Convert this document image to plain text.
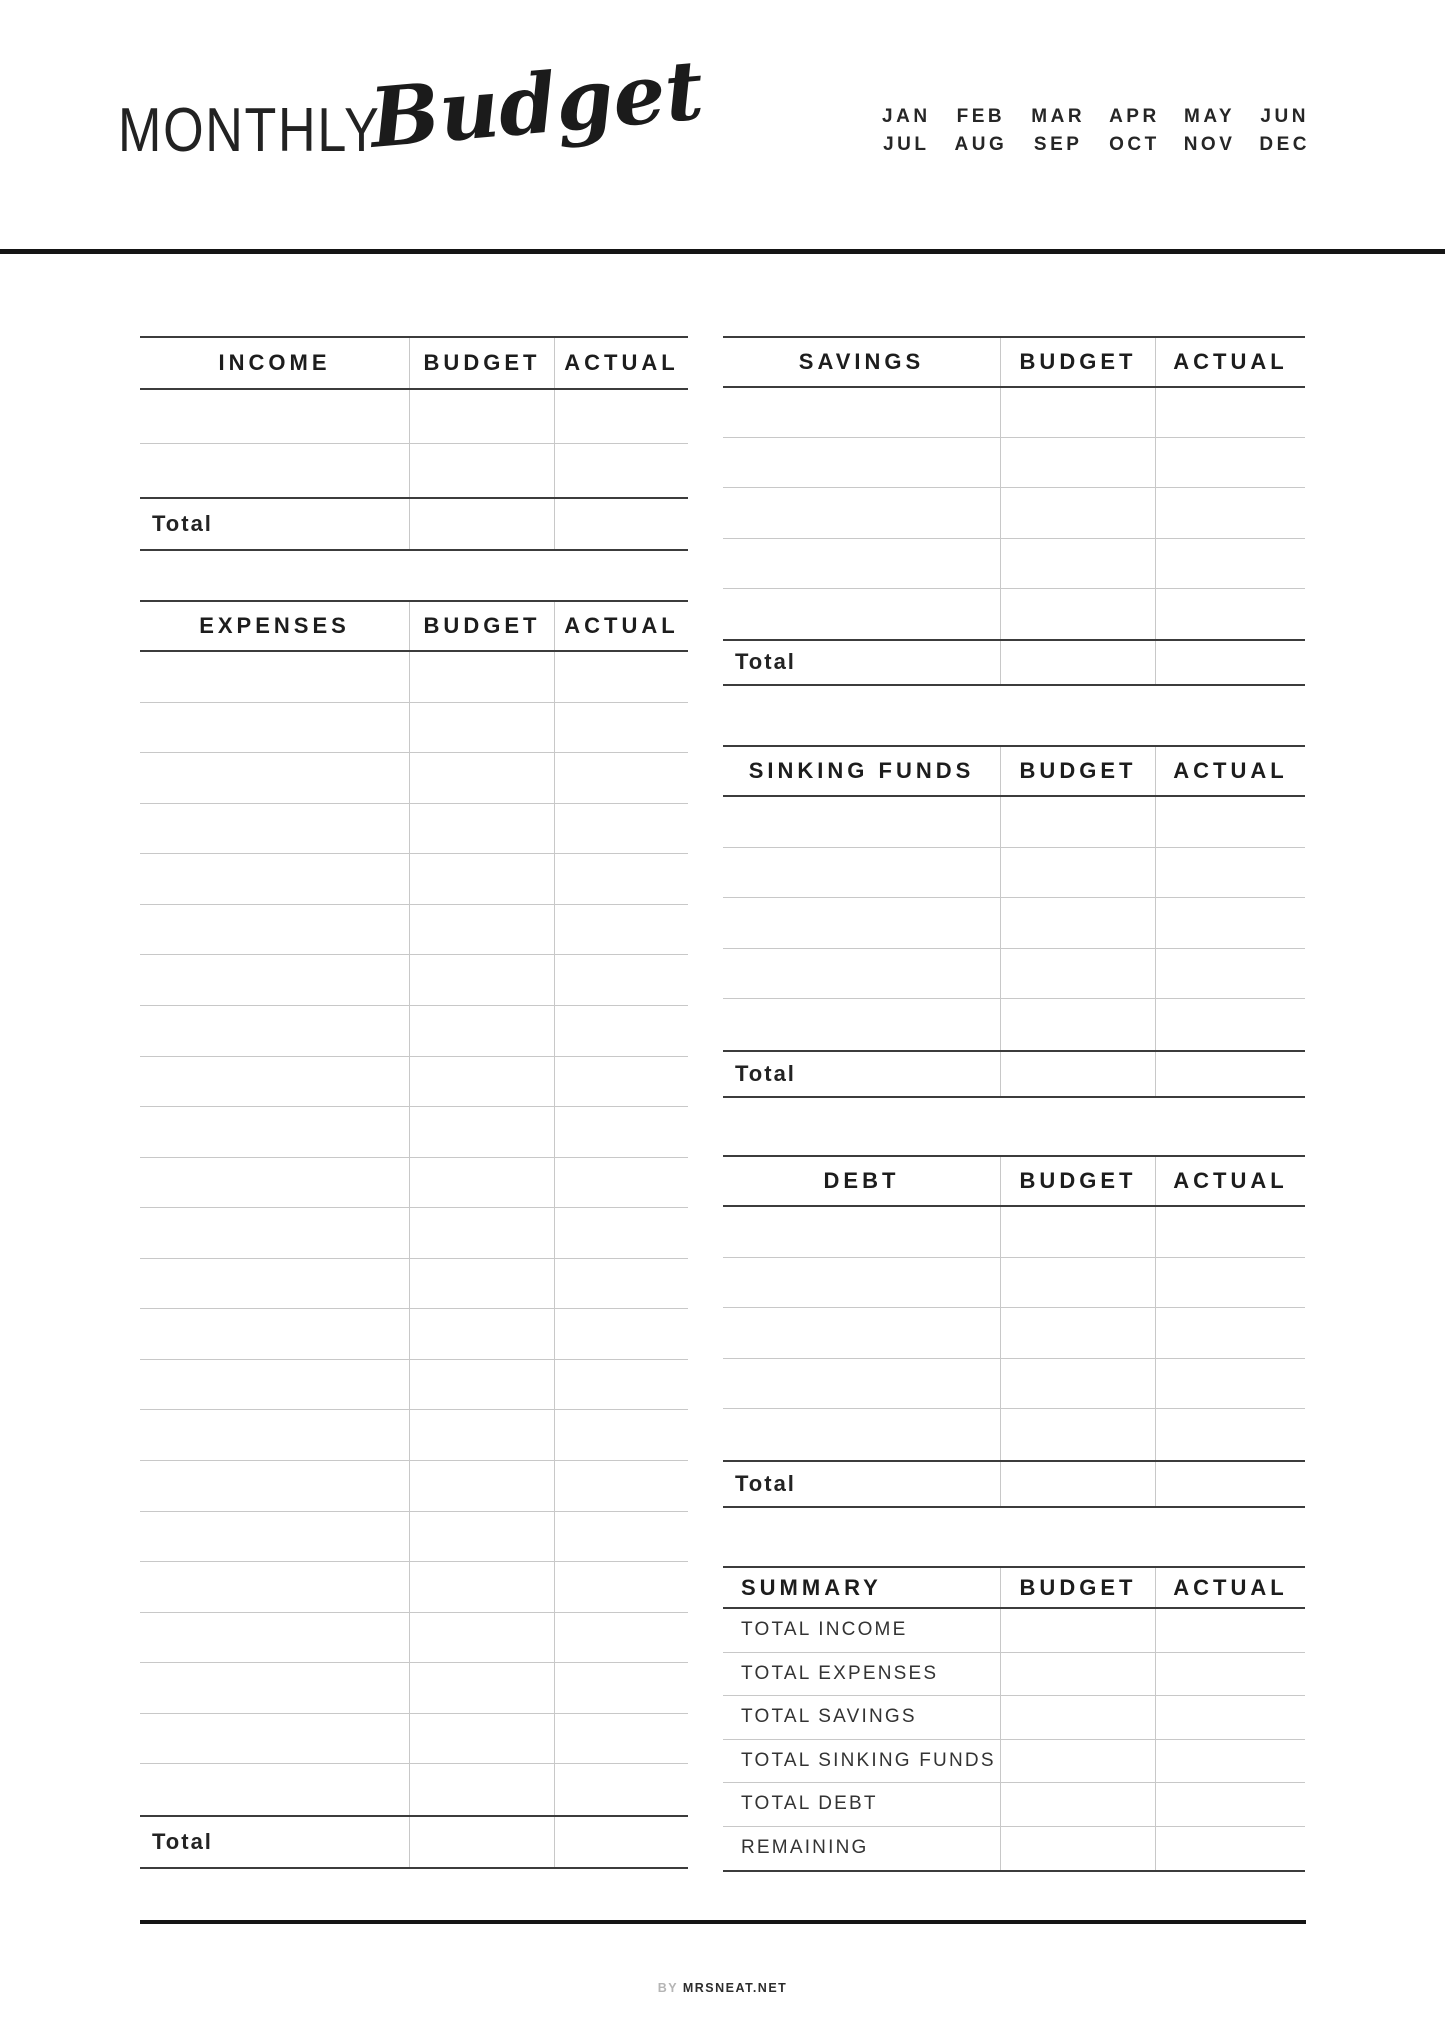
MONTHLY
Budget	JAN FEB MAR APR MAY JUN
JUL AUG SEP OCT NOV DEC
INCOME	BUDGET	ACTUAL
Total
EXPENSES	BUDGET	ACTUAL
Total
SAVINGS	BUDGET	ACTUAL
Total
SINKING FUNDS	BUDGET	ACTUAL
Total
DEBT	BUDGET	ACTUAL
Total
SUMMARY	BUDGET	ACTUAL
TOTAL INCOME
TOTAL EXPENSES
TOTAL SAVINGS
TOTAL SINKING FUNDS
TOTAL DEBT
REMAINING
BY MRSNEAT.NET
